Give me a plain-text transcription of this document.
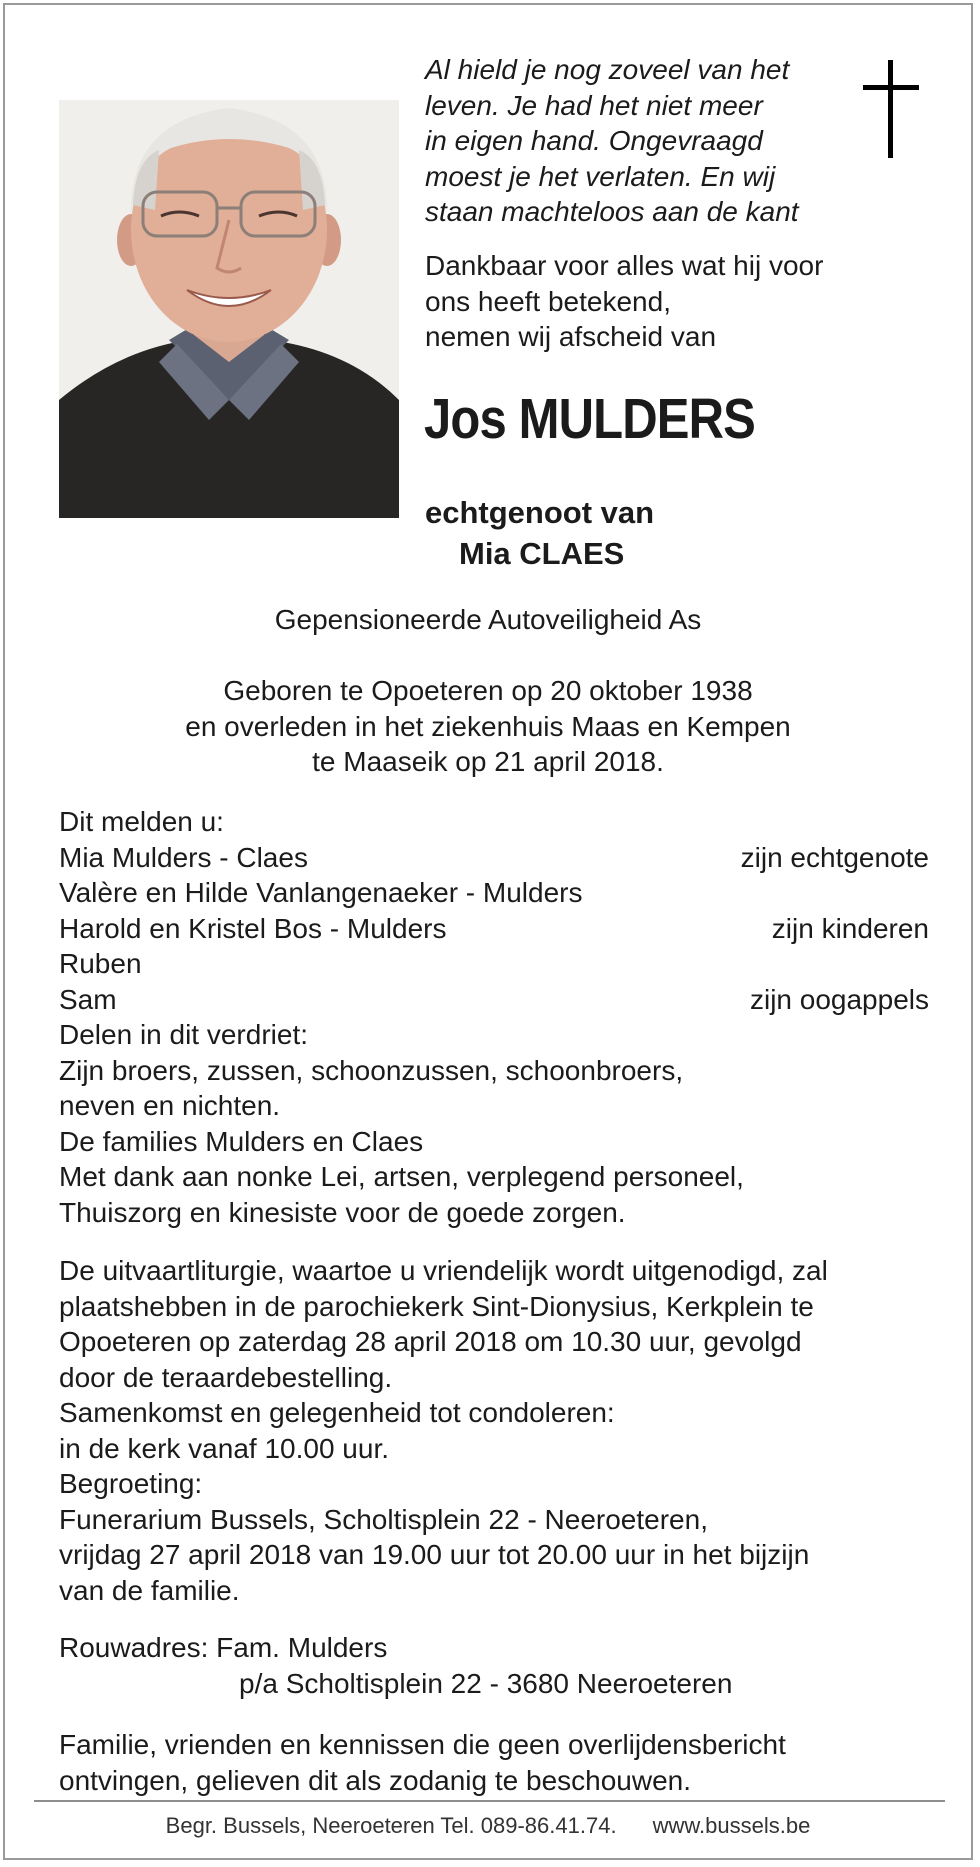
Al hield je nog zoveel van het
leven. Je had het niet meer
in eigen hand. Ongevraagd
moest je het verlaten. En wij
staan machteloos aan de kant
Dankbaar voor alles wat hij voor
ons heeft betekend,
nemen wij afscheid van
Jos MULDERS
echtgenoot van
Mia CLAES
Gepensioneerde Autoveiligheid As
Geboren te Opoeteren op 20 oktober 1938
en overleden in het ziekenhuis Maas en Kempen
te Maaseik op 21 april 2018.
Dit melden u:
Mia Mulders - Claes	zijn echtgenote
Valère en Hilde Vanlangenaeker - Mulders
Harold en Kristel Bos - Mulders	zijn kinderen
Ruben
Sam	zijn oogappels
Delen in dit verdriet:
Zijn broers, zussen, schoonzussen, schoonbroers,
neven en nichten.
De families Mulders en Claes
Met dank aan nonke Lei, artsen, verplegend personeel,
Thuiszorg en kinesiste voor de goede zorgen.
De uitvaartliturgie, waartoe u vriendelijk wordt uitgenodigd, zal
plaatshebben in de parochiekerk Sint-Dionysius, Kerkplein te
Opoeteren op zaterdag 28 april 2018 om 10.30 uur, gevolgd
door de teraardebestelling.
Samenkomst en gelegenheid tot condoleren:
in de kerk vanaf 10.00 uur.
Begroeting:
Funerarium Bussels, Scholtisplein 22 - Neeroeteren,
vrijdag 27 april 2018 van 19.00 uur tot 20.00 uur in het bijzijn
van de familie.
Rouwadres: Fam. Mulders
p/a Scholtisplein 22 - 3680 Neeroeteren
Familie, vrienden en kennissen die geen overlijdensbericht
ontvingen, gelieven dit als zodanig te beschouwen.
Begr. Bussels, Neeroeteren Tel. 089-86.41.74. www.bussels.be
